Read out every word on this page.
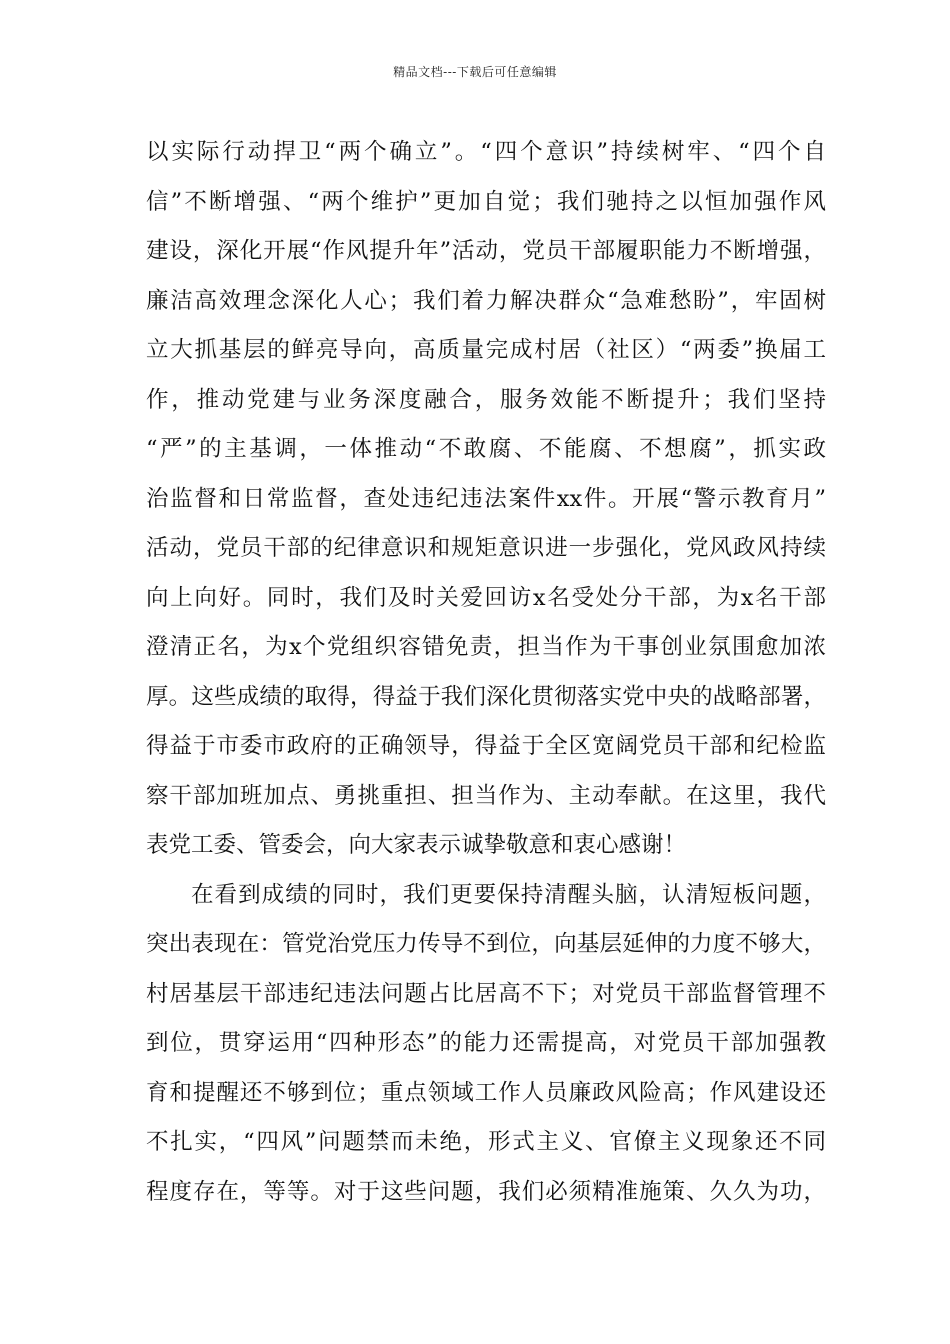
精品文档---下载后可任意编辑
以实际行动捍卫“两个确立”。“四个意识”持续树牢、“四个自
信”不断增强、“两个维护”更加自觉；我们驰持之以恒加强作风
建设，深化开展“作风提升年”活动，党员干部履职能力不断增强，
廉洁高效理念深化人心；我们着力解决群众“急难愁盼”，牢固树
立大抓基层的鲜亮导向，高质量完成村居（社区）“两委”换届工
作，推动党建与业务深度融合，服务效能不断提升；我们坚持
“严”的主基调，一体推动“不敢腐、不能腐、不想腐”，抓实政
治监督和日常监督，查处违纪违法案件xx件。开展“警示教育月”
活动，党员干部的纪律意识和规矩意识进一步强化，党风政风持续
向上向好。同时，我们及时关爱回访x名受处分干部，为x名干部
澄清正名，为x个党组织容错免责，担当作为干事创业氛围愈加浓
厚。这些成绩的取得，得益于我们深化贯彻落实党中央的战略部署，
得益于市委市政府的正确领导，得益于全区宽阔党员干部和纪检监
察干部加班加点、勇挑重担、担当作为、主动奉献。在这里，我代
表党工委、管委会，向大家表示诚挚敬意和衷心感谢！
在看到成绩的同时，我们更要保持清醒头脑，认清短板问题，
突出表现在：管党治党压力传导不到位，向基层延伸的力度不够大，
村居基层干部违纪违法问题占比居高不下；对党员干部监督管理不
到位，贯穿运用“四种形态”的能力还需提高，对党员干部加强教
育和提醒还不够到位；重点领域工作人员廉政风险高；作风建设还
不扎实，“四风”问题禁而未绝，形式主义、官僚主义现象还不同
程度存在，等等。对于这些问题，我们必须精准施策、久久为功，
